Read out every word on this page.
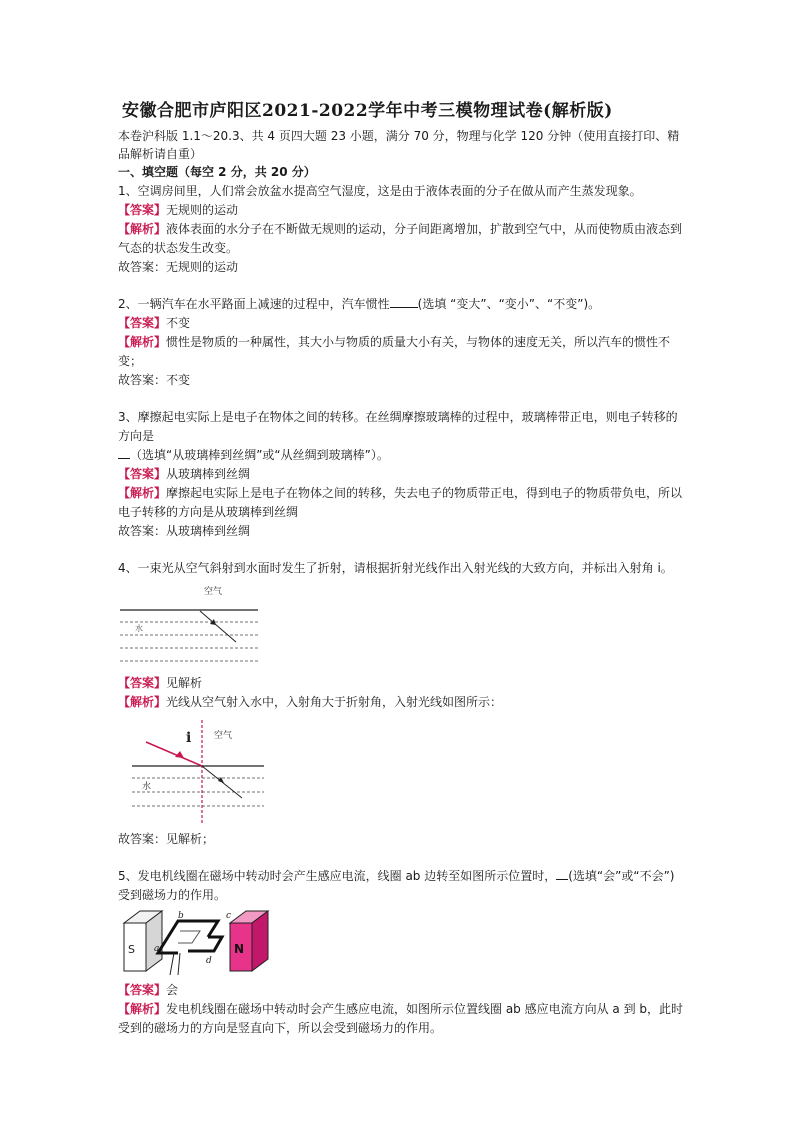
安徽合肥市庐阳区2021-2022学年中考三模物理试卷(解析版)

本卷沪科版 1.1～20.3、共 4 页四大题 23 小题，满分 70 分，物理与化学 120 分钟（使用直接打印、精品解析请自重）

一、填空题（每空 2 分，共 20 分）

1、空调房间里，人们常会放盆水提高空气湿度，这是由于液体表面的分子在做从而产生蒸发现象。

【答案】无规则的运动

【解析】液体表面的水分子在不断做无规则的运动，分子间距离增加，扩散到空气中，从而使物质由液态到气态的状态发生改变。

故答案：无规则的运动

2、一辆汽车在水平路面上减速的过程中，汽车惯性 (选填 “变大”、“变小”、“不变”)。

【答案】不变

【解析】惯性是物质的一种属性，其大小与物质的质量大小有关，与物体的速度无关，所以汽车的惯性不变；

故答案：不变

3、摩擦起电实际上是电子在物体之间的转移。在丝绸摩擦玻璃棒的过程中，玻璃棒带正电，则电子转移的方向是

（选填“从玻璃棒到丝绸”或“从丝绸到玻璃棒”）。

【答案】从玻璃棒到丝绸

【解析】摩擦起电实际上是电子在物体之间的转移，失去电子的物质带正电，得到电子的物质带负电，所以电子转移的方向是从玻璃棒到丝绸

故答案：从玻璃棒到丝绸

4、一束光从空气斜射到水面时发生了折射，请根据折射光线作出入射光线的大致方向，并标出入射角 i。

空气
水

【答案】见解析

【解析】光线从空气射入水中，入射角大于折射角，入射光线如图所示：

i	空气
水

故答案：见解析；

5、发电机线圈在磁场中转动时会产生感应电流，线圈 ab 边转至如图所示位置时， (选填“会”或“不会”)受到磁场力的作用。

S a
b	c
d
N

【答案】会

【解析】发电机线圈在磁场中转动时会产生感应电流，如图所示位置线圈 ab 感应电流方向从 a 到 b，此时受到的磁场力的方向是竖直向下，所以会受到磁场力的作用。
